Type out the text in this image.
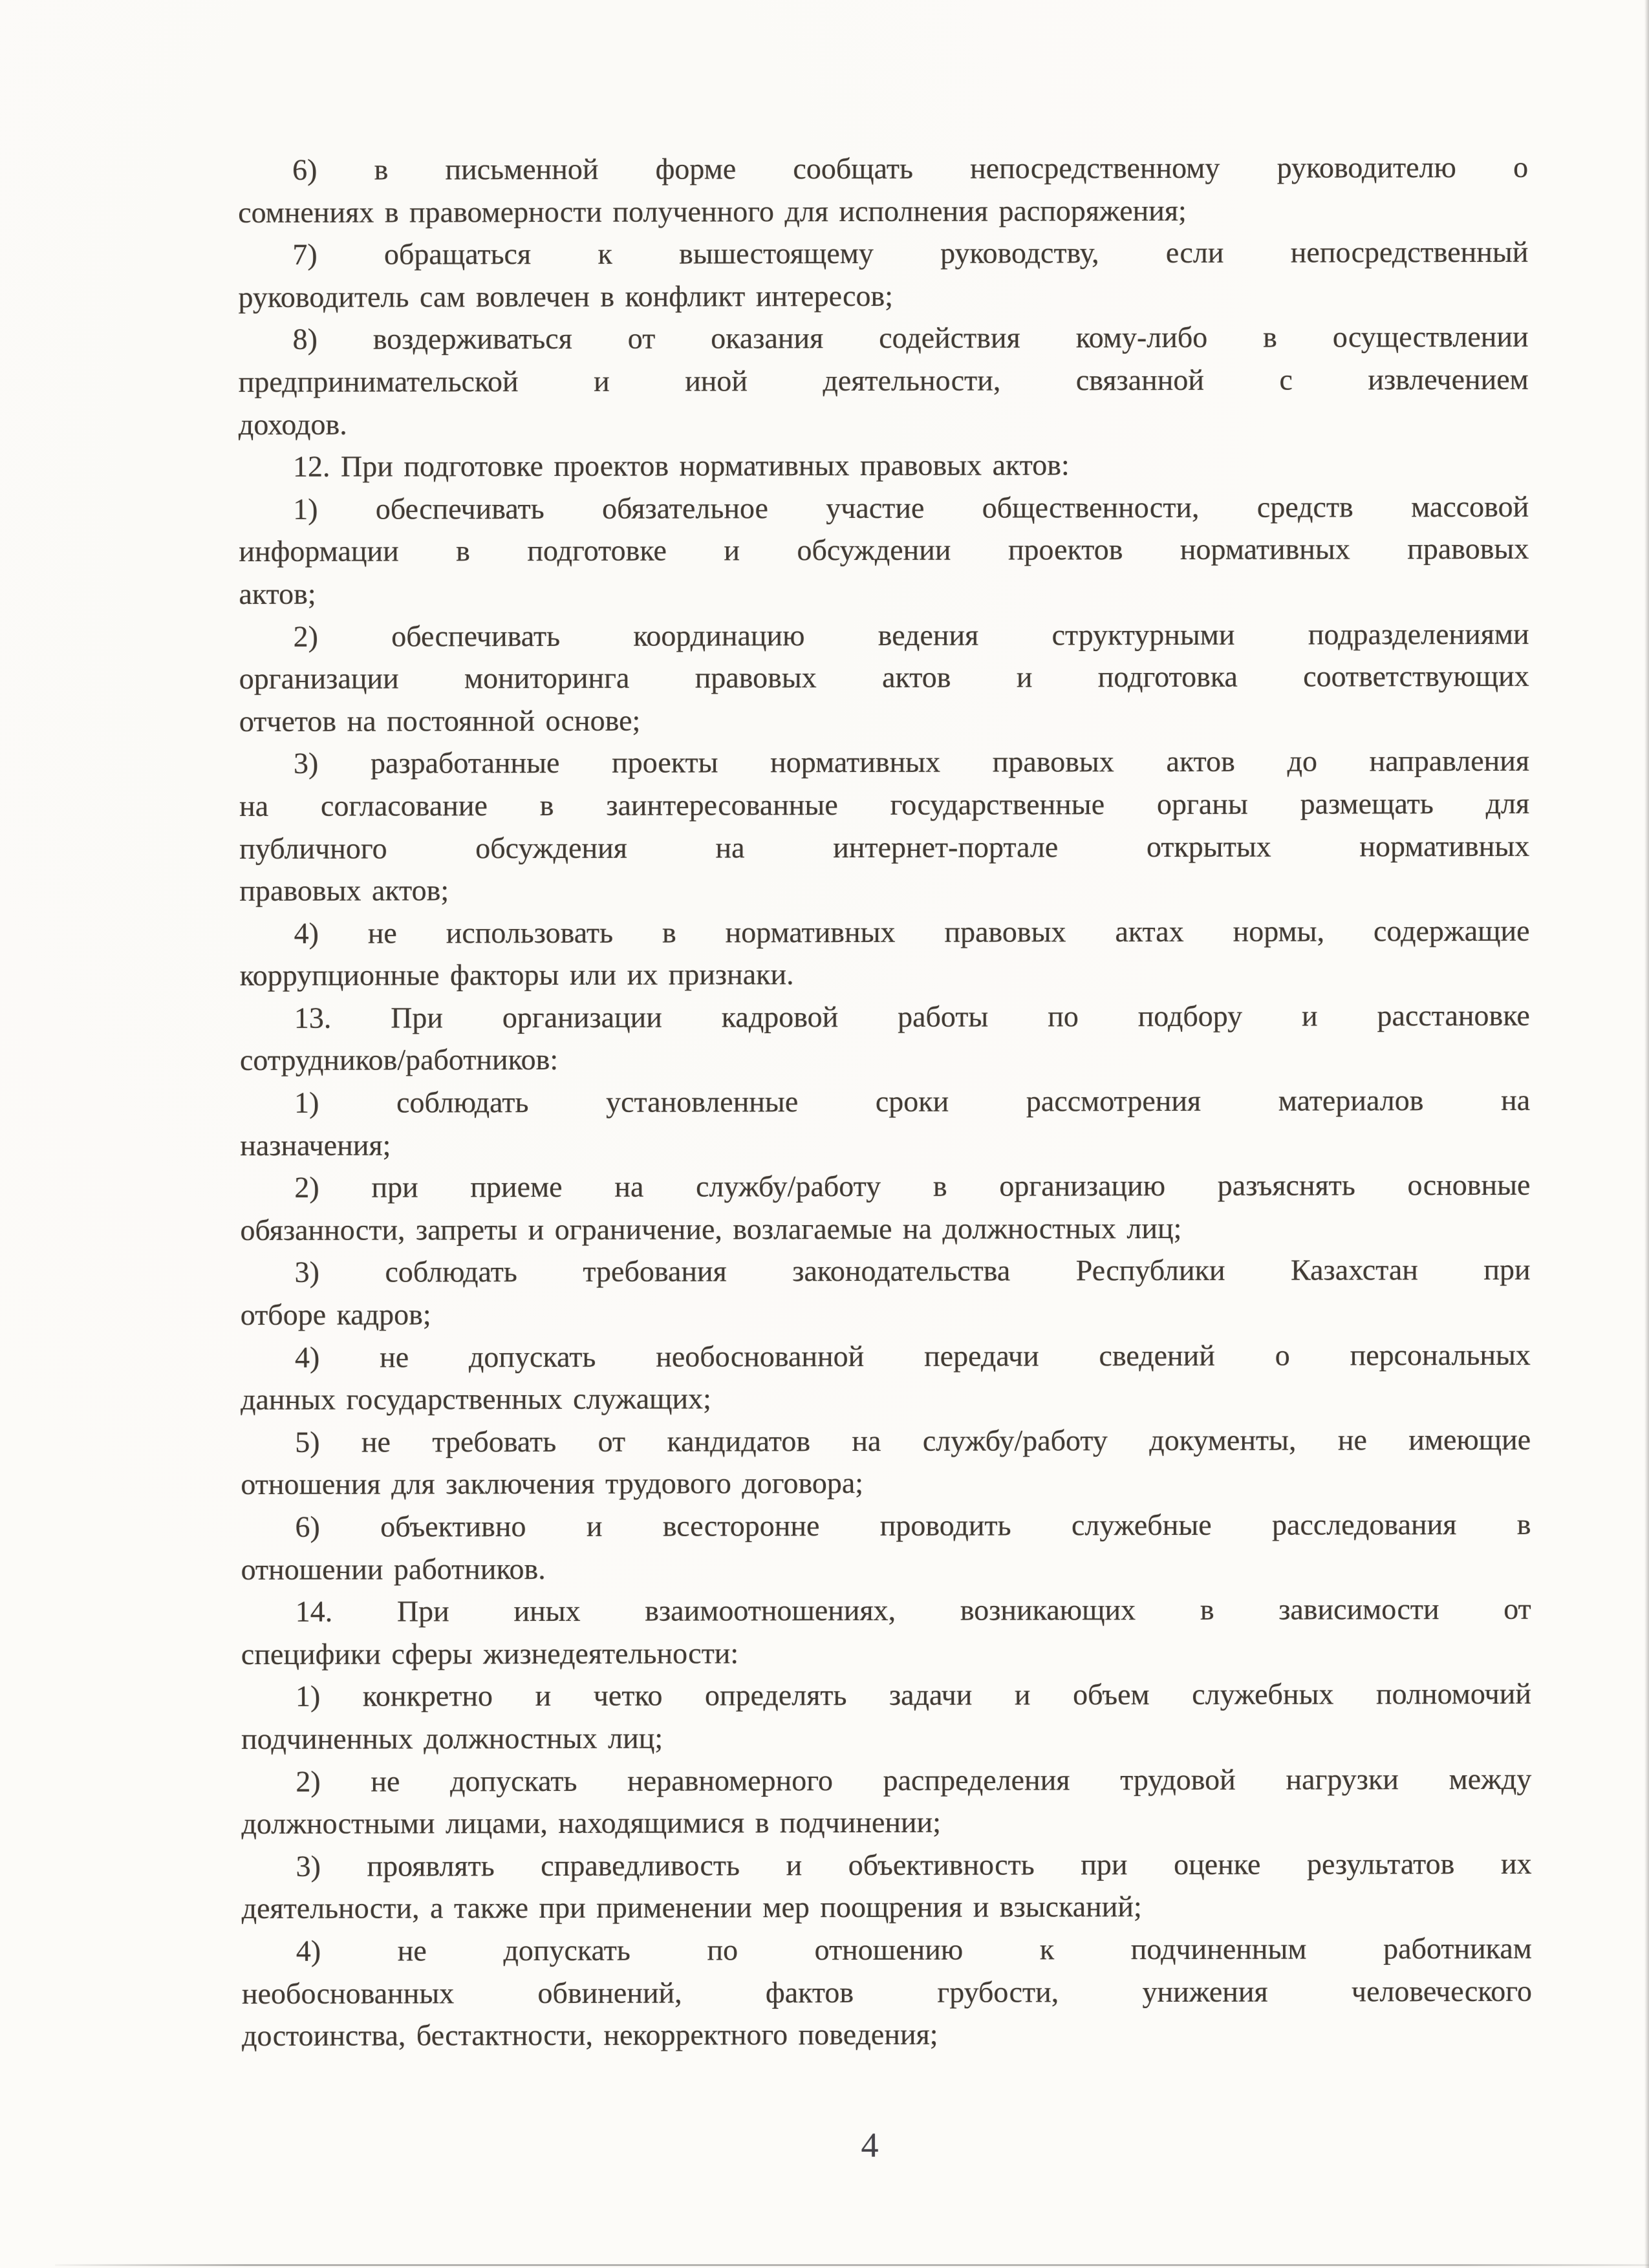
6) в письменной форме сообщать непосредственному руководителю о
сомнениях в правомерности полученного для исполнения распоряжения;
7) обращаться к вышестоящему руководству, если непосредственный
руководитель сам вовлечен в конфликт интересов;
8) воздерживаться от оказания содействия кому-либо в осуществлении
предпринимательской и иной деятельности, связанной с извлечением
доходов.
12. При подготовке проектов нормативных правовых актов:
1) обеспечивать обязательное участие общественности, средств массовой
информации в подготовке и обсуждении проектов нормативных правовых
актов;
2) обеспечивать координацию ведения структурными подразделениями
организации мониторинга правовых актов и подготовка соответствующих
отчетов на постоянной основе;
3) разработанные проекты нормативных правовых актов до направления
на согласование в заинтересованные государственные органы размещать для
публичного обсуждения на интернет-портале открытых нормативных
правовых актов;
4) не использовать в нормативных правовых актах нормы, содержащие
коррупционные факторы или их признаки.
13. При организации кадровой работы по подбору и расстановке
сотрудников/работников:
1) соблюдать установленные сроки рассмотрения материалов на
назначения;
2) при приеме на службу/работу в организацию разъяснять основные
обязанности, запреты и ограничение, возлагаемые на должностных лиц;
3) соблюдать требования законодательства Республики Казахстан при
отборе кадров;
4) не допускать необоснованной передачи сведений о персональных
данных государственных служащих;
5) не требовать от кандидатов на службу/работу документы, не имеющие
отношения для заключения трудового договора;
6) объективно и всесторонне проводить служебные расследования в
отношении работников.
14. При иных взаимоотношениях, возникающих в зависимости от
специфики сферы жизнедеятельности:
1) конкретно и четко определять задачи и объем служебных полномочий
подчиненных должностных лиц;
2) не допускать неравномерного распределения трудовой нагрузки между
должностными лицами, находящимися в подчинении;
3) проявлять справедливость и объективность при оценке результатов их
деятельности, а также при применении мер поощрения и взысканий;
4) не допускать по отношению к подчиненным работникам
необоснованных обвинений, фактов грубости, унижения человеческого
достоинства, бестактности, некорректного поведения;
4
